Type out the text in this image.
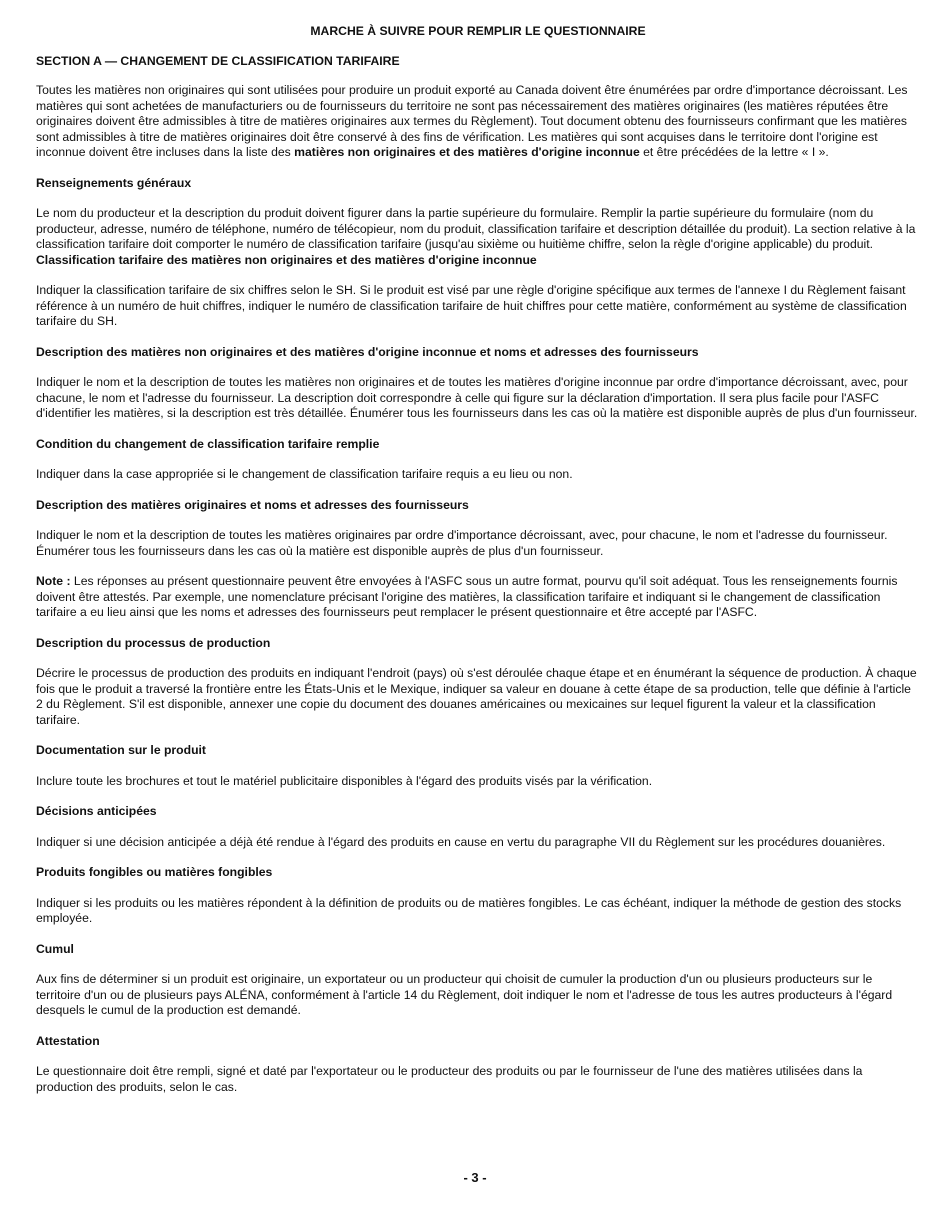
MARCHE À SUIVRE POUR REMPLIR LE QUESTIONNAIRE
SECTION A — CHANGEMENT DE CLASSIFICATION TARIFAIRE

Toutes les matières non originaires qui sont utilisées pour produire un produit exporté au Canada doivent être énumérées par ordre d'importance décroissant. Les matières qui sont achetées de manufacturiers ou de fournisseurs du territoire ne sont pas nécessairement des matières originaires (les matières réputées être originaires doivent être admissibles à titre de matières originaires aux termes du Règlement). Tout document obtenu des fournisseurs confirmant que les matières sont admissibles à titre de matières originaires doit être conservé à des fins de vérification. Les matières qui sont acquises dans le territoire dont l'origine est inconnue doivent être incluses dans la liste des matières non originaires et des matières d'origine inconnue et être précédées de la lettre « I ».

Renseignements généraux

Le nom du producteur et la description du produit doivent figurer dans la partie supérieure du formulaire. Remplir la partie supérieure du formulaire (nom du producteur, adresse, numéro de téléphone, numéro de télécopieur, nom du produit, classification tarifaire et description détaillée du produit). La section relative à la classification tarifaire doit comporter le numéro de classification tarifaire (jusqu'au sixième ou huitième chiffre, selon la règle d'origine applicable) du produit.

Classification tarifaire des matières non originaires et des matières d'origine inconnue

Indiquer la classification tarifaire de six chiffres selon le SH. Si le produit est visé par une règle d'origine spécifique aux termes de l'annexe I du Règlement faisant référence à un numéro de huit chiffres, indiquer le numéro de classification tarifaire de huit chiffres pour cette matière, conformément au système de classification tarifaire du SH.

Description des matières non originaires et des matières d'origine inconnue et noms et adresses des fournisseurs

Indiquer le nom et la description de toutes les matières non originaires et de toutes les matières d'origine inconnue par ordre d'importance décroissant, avec, pour chacune, le nom et l'adresse du fournisseur. La description doit correspondre à celle qui figure sur la déclaration d'importation. Il sera plus facile pour l'ASFC d'identifier les matières, si la description est très détaillée. Énumérer tous les fournisseurs dans les cas où la matière est disponible auprès de plus d'un fournisseur.

Condition du changement de classification tarifaire remplie

Indiquer dans la case appropriée si le changement de classification tarifaire requis a eu lieu ou non.

Description des matières originaires et noms et adresses des fournisseurs

Indiquer le nom et la description de toutes les matières originaires par ordre d'importance décroissant, avec, pour chacune, le nom et l'adresse du fournisseur. Énumérer tous les fournisseurs dans les cas où la matière est disponible auprès de plus d'un fournisseur.

Note : Les réponses au présent questionnaire peuvent être envoyées à l'ASFC sous un autre format, pourvu qu'il soit adéquat. Tous les renseignements fournis doivent être attestés. Par exemple, une nomenclature précisant l'origine des matières, la classification tarifaire et indiquant si le changement de classification tarifaire a eu lieu ainsi que les noms et adresses des fournisseurs peut remplacer le présent questionnaire et être accepté par l'ASFC.

Description du processus de production

Décrire le processus de production des produits en indiquant l'endroit (pays) où s'est déroulée chaque étape et en énumérant la séquence de production. À chaque fois que le produit a traversé la frontière entre les États-Unis et le Mexique, indiquer sa valeur en douane à cette étape de sa production, telle que définie à l'article 2 du Règlement. S'il est disponible, annexer une copie du document des douanes américaines ou mexicaines sur lequel figurent la valeur et la classification tarifaire.

Documentation sur le produit

Inclure toute les brochures et tout le matériel publicitaire disponibles à l'égard des produits visés par la vérification.

Décisions anticipées

Indiquer si une décision anticipée a déjà été rendue à l'égard des produits en cause en vertu du paragraphe VII du Règlement sur les procédures douanières.

Produits fongibles ou matières fongibles

Indiquer si les produits ou les matières répondent à la définition de produits ou de matières fongibles. Le cas échéant, indiquer la méthode de gestion des stocks employée.

Cumul

Aux fins de déterminer si un produit est originaire, un exportateur ou un producteur qui choisit de cumuler la production d'un ou plusieurs producteurs sur le territoire d'un ou de plusieurs pays ALÉNA, conformément à l'article 14 du Règlement, doit indiquer le nom et l'adresse de tous les autres producteurs à l'égard desquels le cumul de la production est demandé.

Attestation

Le questionnaire doit être rempli, signé et daté par l'exportateur ou le producteur des produits ou par le fournisseur de l'une des matières utilisées dans la production des produits, selon le cas.

- 3 -
